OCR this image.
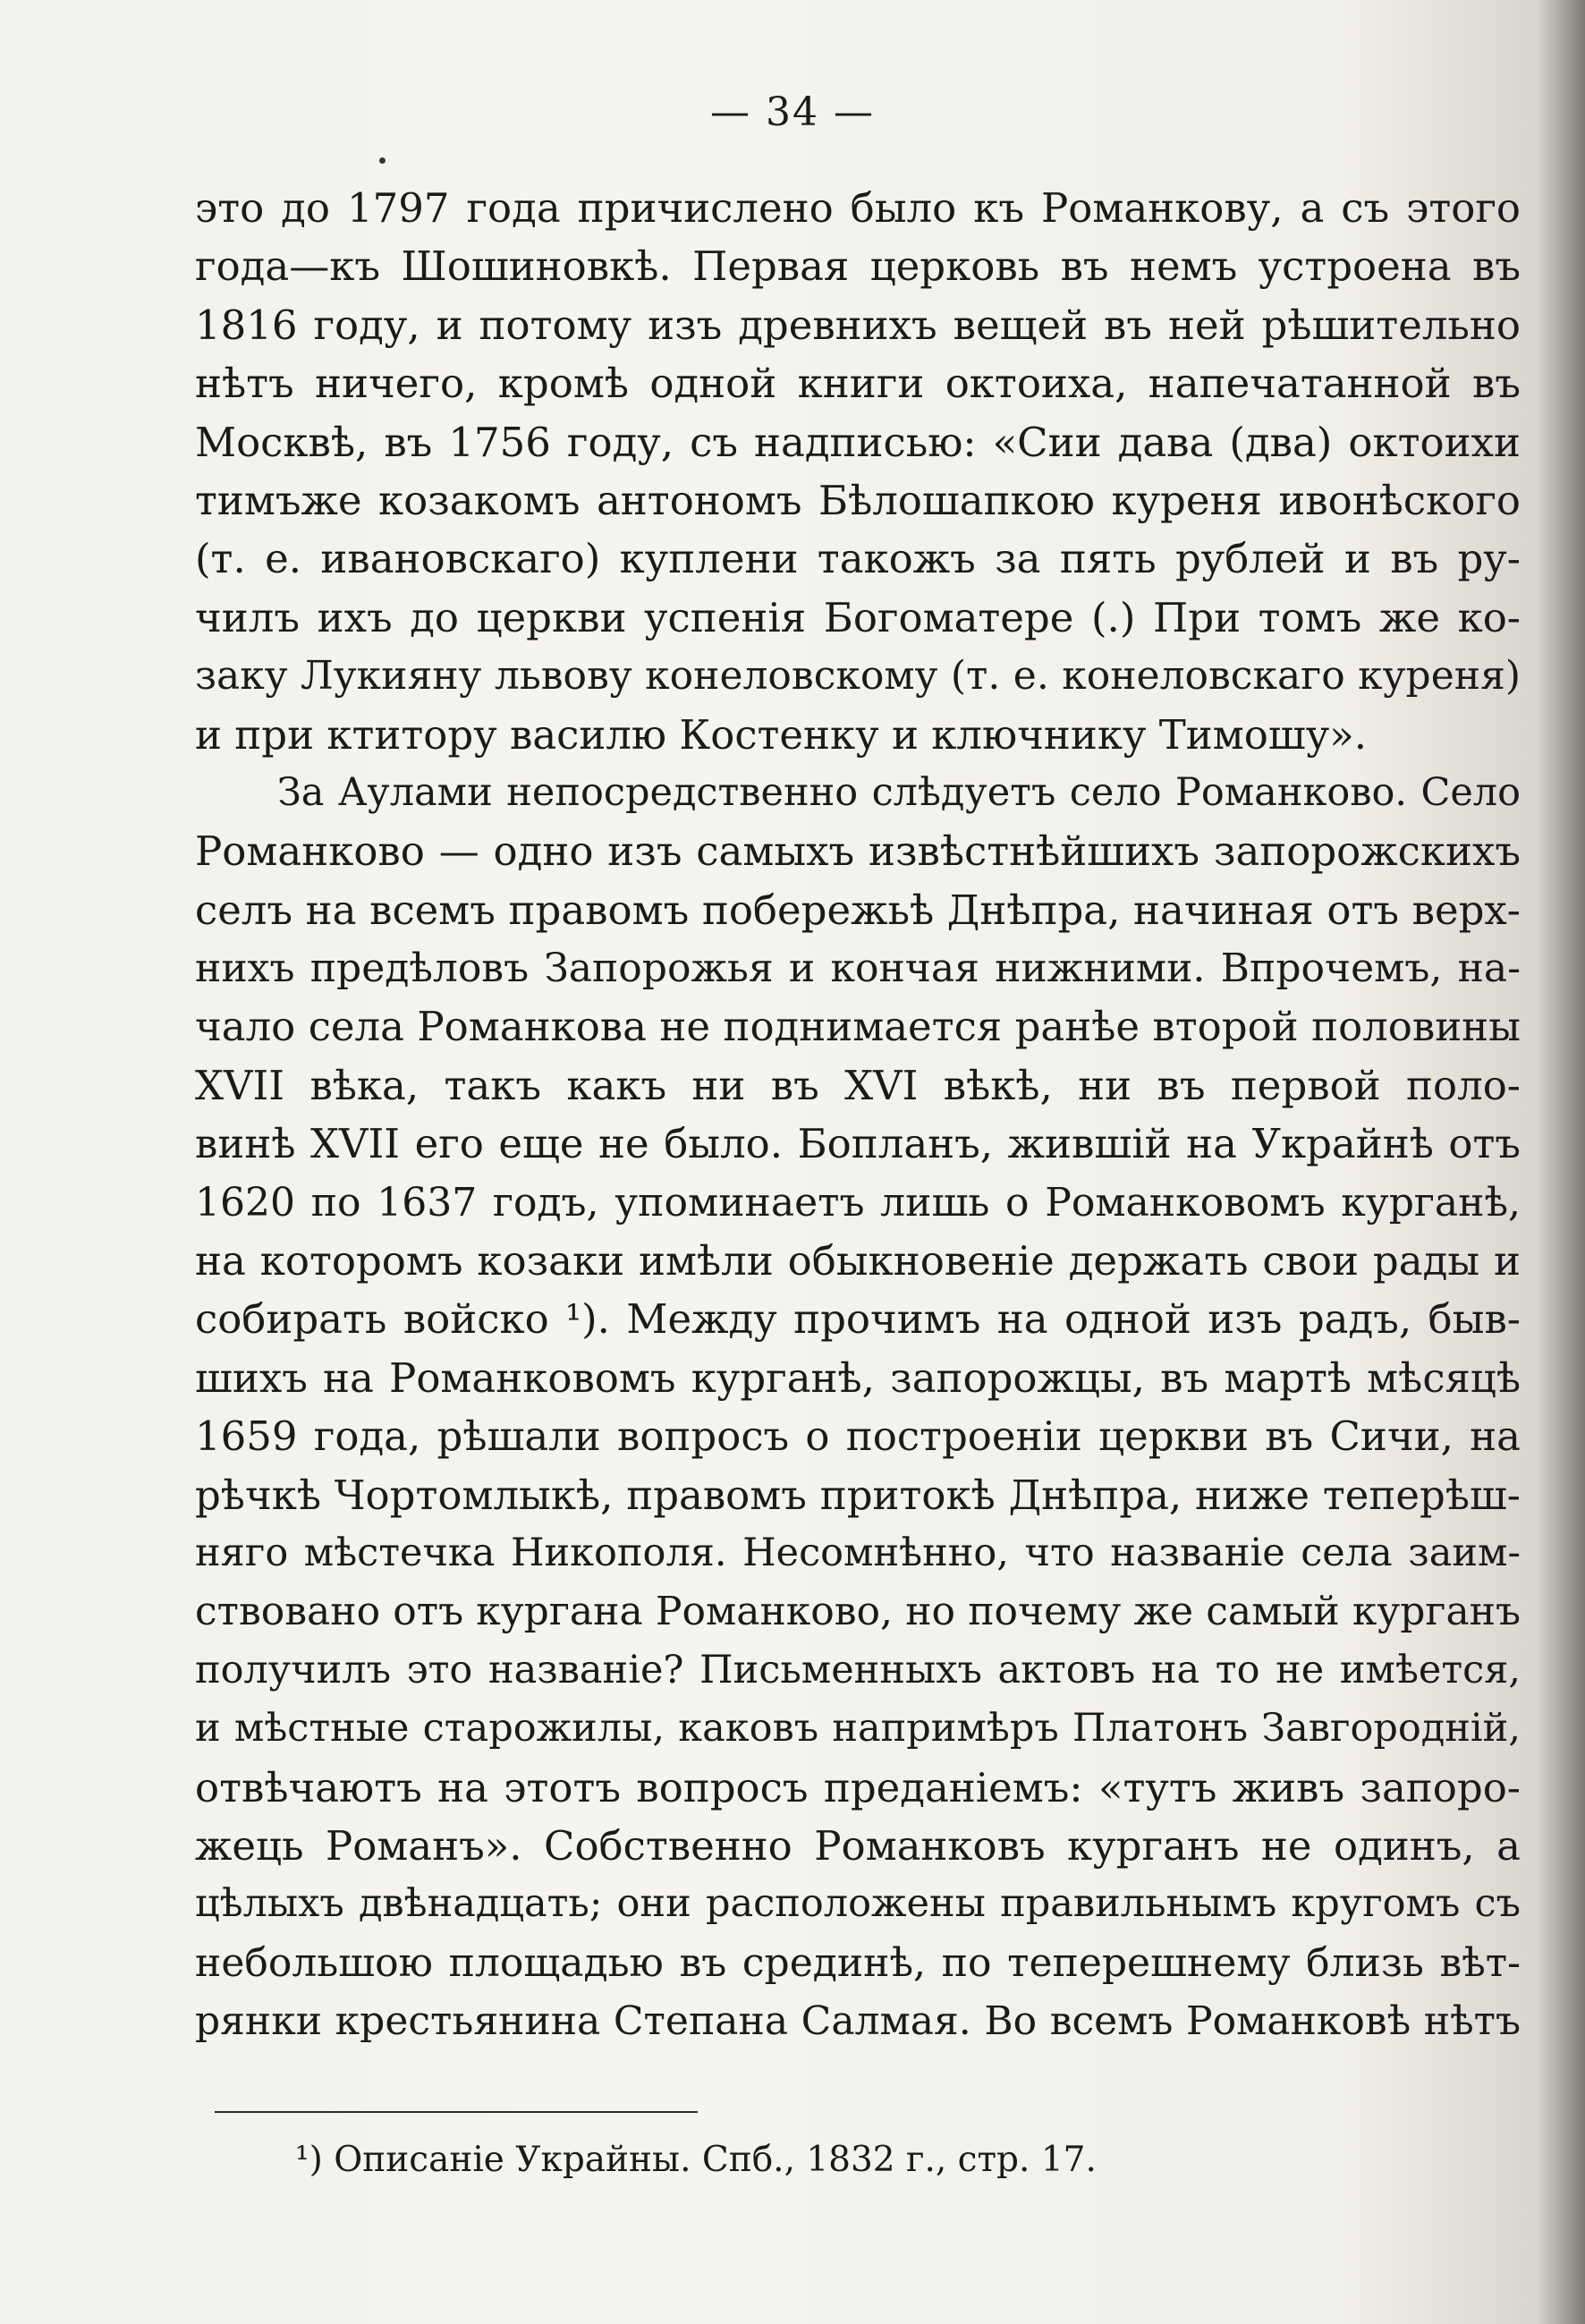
— 34 —
это до 1797 года причислено было къ Романкову, а съ этого
года—къ Шошиновкѣ. Первая церковь въ немъ устроена въ
1816 году, и потому изъ древнихъ вещей въ ней рѣшительно
нѣтъ ничего, кромѣ одной книги октоиха, напечатанной въ
Москвѣ, въ 1756 году, съ надписью: «Сии дава (два) октоихи
тимъже козакомъ антономъ Бѣлошапкою куреня ивонѣского
(т. е. ивановскаго) куплени такожъ за пять рублей и въ ру-
чилъ ихъ до церкви успенія Богоматере (.) При томъ же ко-
заку Лукияну львову конеловскому (т. е. конеловскаго куреня)
и при ктитору василю Костенку и ключнику Тимошу».
За Аулами непосредственно слѣдуетъ село Романково. Село
Романково — одно изъ самыхъ извѣстнѣйшихъ запорожскихъ
селъ на всемъ правомъ побережьѣ Днѣпра, начиная отъ верх-
нихъ предѣловъ Запорожья и кончая нижними. Впрочемъ, на-
чало села Романкова не поднимается ранѣе второй половины
XVII вѣка, такъ какъ ни въ XVI вѣкѣ, ни въ первой поло-
винѣ XVII его еще не было. Бопланъ, жившій на Украйнѣ отъ
1620 по 1637 годъ, упоминаетъ лишь о Романковомъ курганѣ,
на которомъ козаки имѣли обыкновеніе держать свои рады и
собирать войско ¹). Между прочимъ на одной изъ радъ, быв-
шихъ на Романковомъ курганѣ, запорожцы, въ мартѣ мѣсяцѣ
1659 года, рѣшали вопросъ о построеніи церкви въ Сичи, на
рѣчкѣ Чортомлыкѣ, правомъ притокѣ Днѣпра, ниже теперѣш-
няго мѣстечка Никополя. Несомнѣнно, что названіе села заим-
ствовано отъ кургана Романково, но почему же самый курганъ
получилъ это названіе? Письменныхъ актовъ на то не имѣется,
и мѣстные старожилы, каковъ напримѣръ Платонъ Завгородній,
отвѣчаютъ на этотъ вопросъ преданіемъ: «тутъ живъ запоро-
жець Романъ». Собственно Романковъ курганъ не одинъ, а
цѣлыхъ двѣнадцать; они расположены правильнымъ кругомъ съ
небольшою площадью въ срединѣ, по теперешнему близь вѣт-
рянки крестьянина Степана Салмая. Во всемъ Романковѣ нѣтъ
¹) Описаніе Украйны. Спб., 1832 г., стр. 17.
